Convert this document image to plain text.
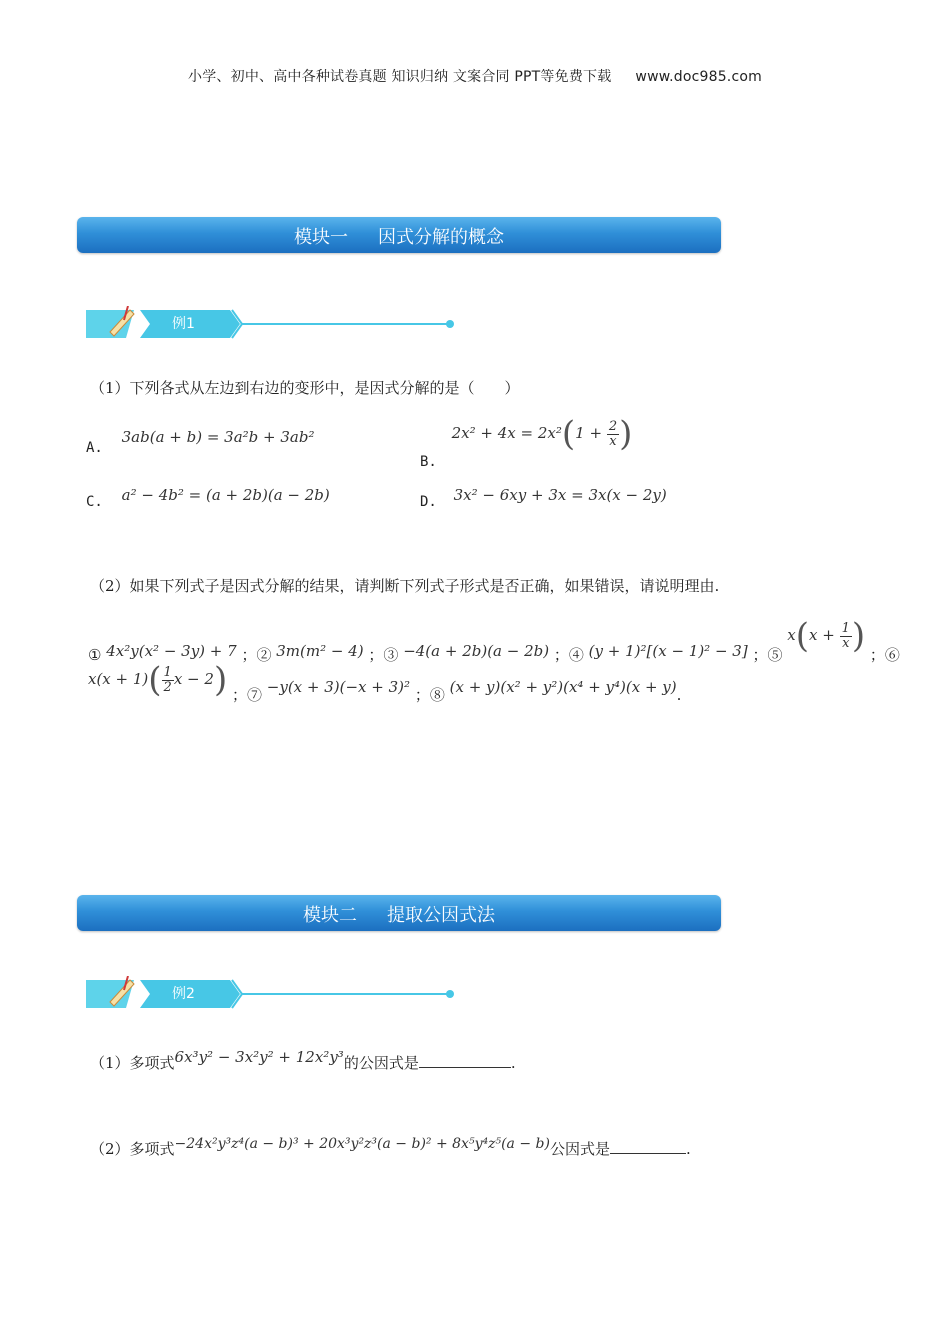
小学、初中、高中各种试卷真题 知识归纳 文案合同 PPT等免费下载 www.doc985.com
模块一 因式分解的概念
例1
（1）下列各式从左边到右边的变形中，是因式分解的是（　　）
A. 3ab(a + b) = 3a²b + 3ab²
B. $2x^2 + 4x = 2x^2(1 + \frac{2}{x}$ )
C. a² − 4b² = (a + 2b)(a − 2b)	D. 3x² − 6xy + 3x = 3x(x − 2y)
（2）如果下列式子是因式分解的结果，请判断下列式子形式是否正确，如果错误，请说明理由.
① 4x²y(x² − 3y) + 7 ；② 3m(m² − 4) ；③ −4(a + 2b)(a − 2b) ；④ (y + 1)²[(x − 1)² − 3] ；⑤ $x(x + \frac{1}{x}$ ) ；⑥
$x(x + 1)( \frac{1}{2}$ x − 2) ；⑦ −y(x + 3)(−x + 3)² ；⑧ (x + y)(x² + y²)(x⁴ + y⁴)(x + y).
模块二 提取公因式法
例2
（1）多项式6x³y² − 3x²y² + 12x²y³的公因式是	.
（2）多项式−24x²y³z⁴(a − b)³ + 20x³y²z³(a − b)² + 8x⁵y⁴z⁵(a − b)公因式是	.
